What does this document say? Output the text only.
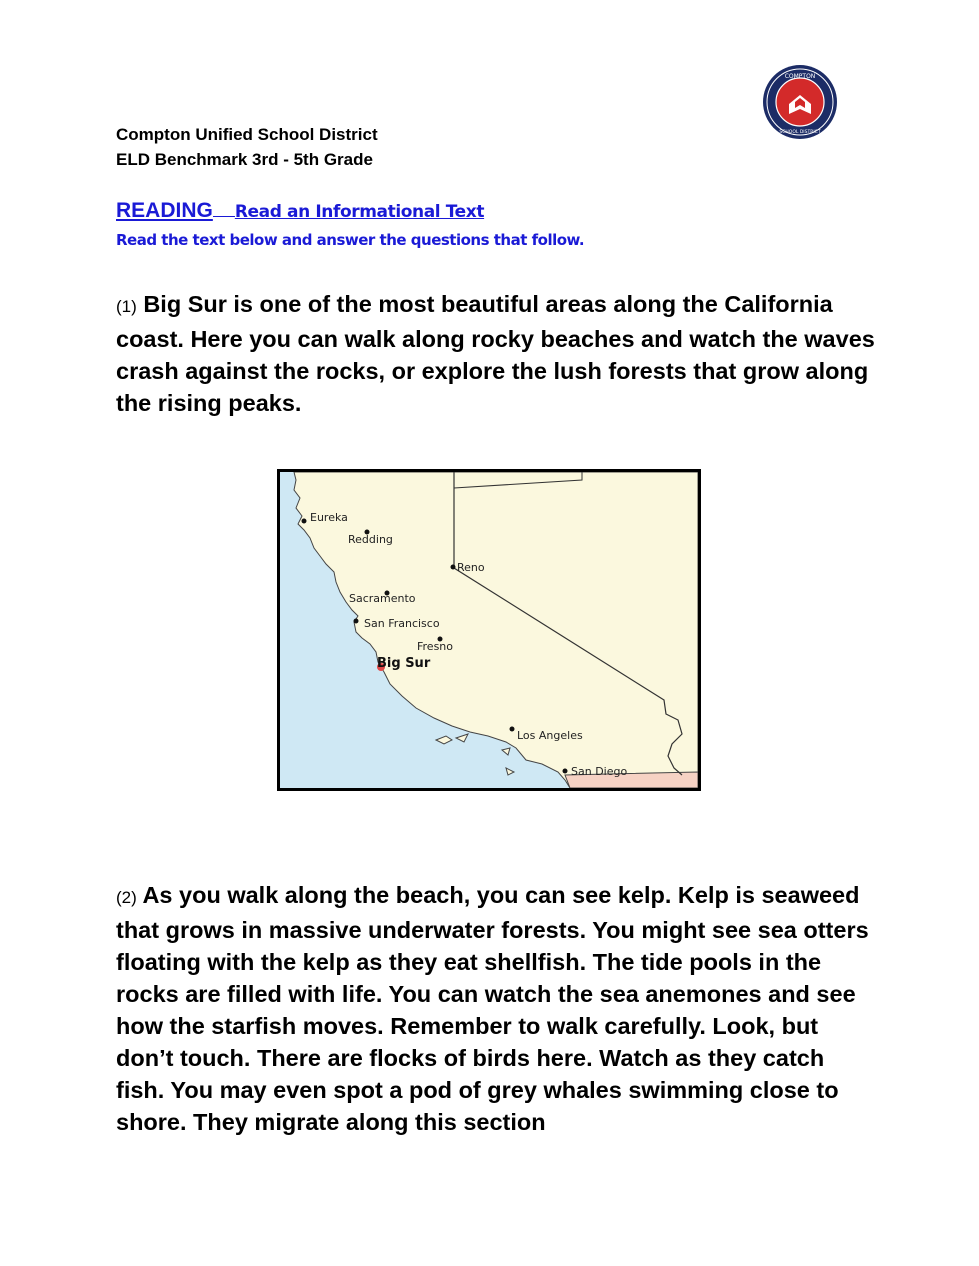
COMPTON
SCHOOL DISTRICT
Compton Unified School District
ELD Benchmark 3rd - 5th Grade
READING Read an Informational Text
Read the text below and answer the questions that follow.
(1) Big Sur is one of the most beautiful areas along the California coast. Here you can walk along rocky beaches and watch the waves crash against the rocks, or explore the lush forests that grow along the rising peaks.
Eureka
Redding
Reno
Sacramento
San Francisco
Fresno
Big Sur
Los Angeles
San Diego
(2) As you walk along the beach, you can see kelp. Kelp is seaweed that grows in massive underwater forests. You might see sea otters floating with the kelp as they eat shellfish. The tide pools in the rocks are filled with life. You can watch the sea anemones and see how the starfish moves. Remember to walk carefully. Look, but don’t touch. There are flocks of birds here. Watch as they catch fish. You may even spot a pod of grey whales swimming close to shore. They migrate along this section
